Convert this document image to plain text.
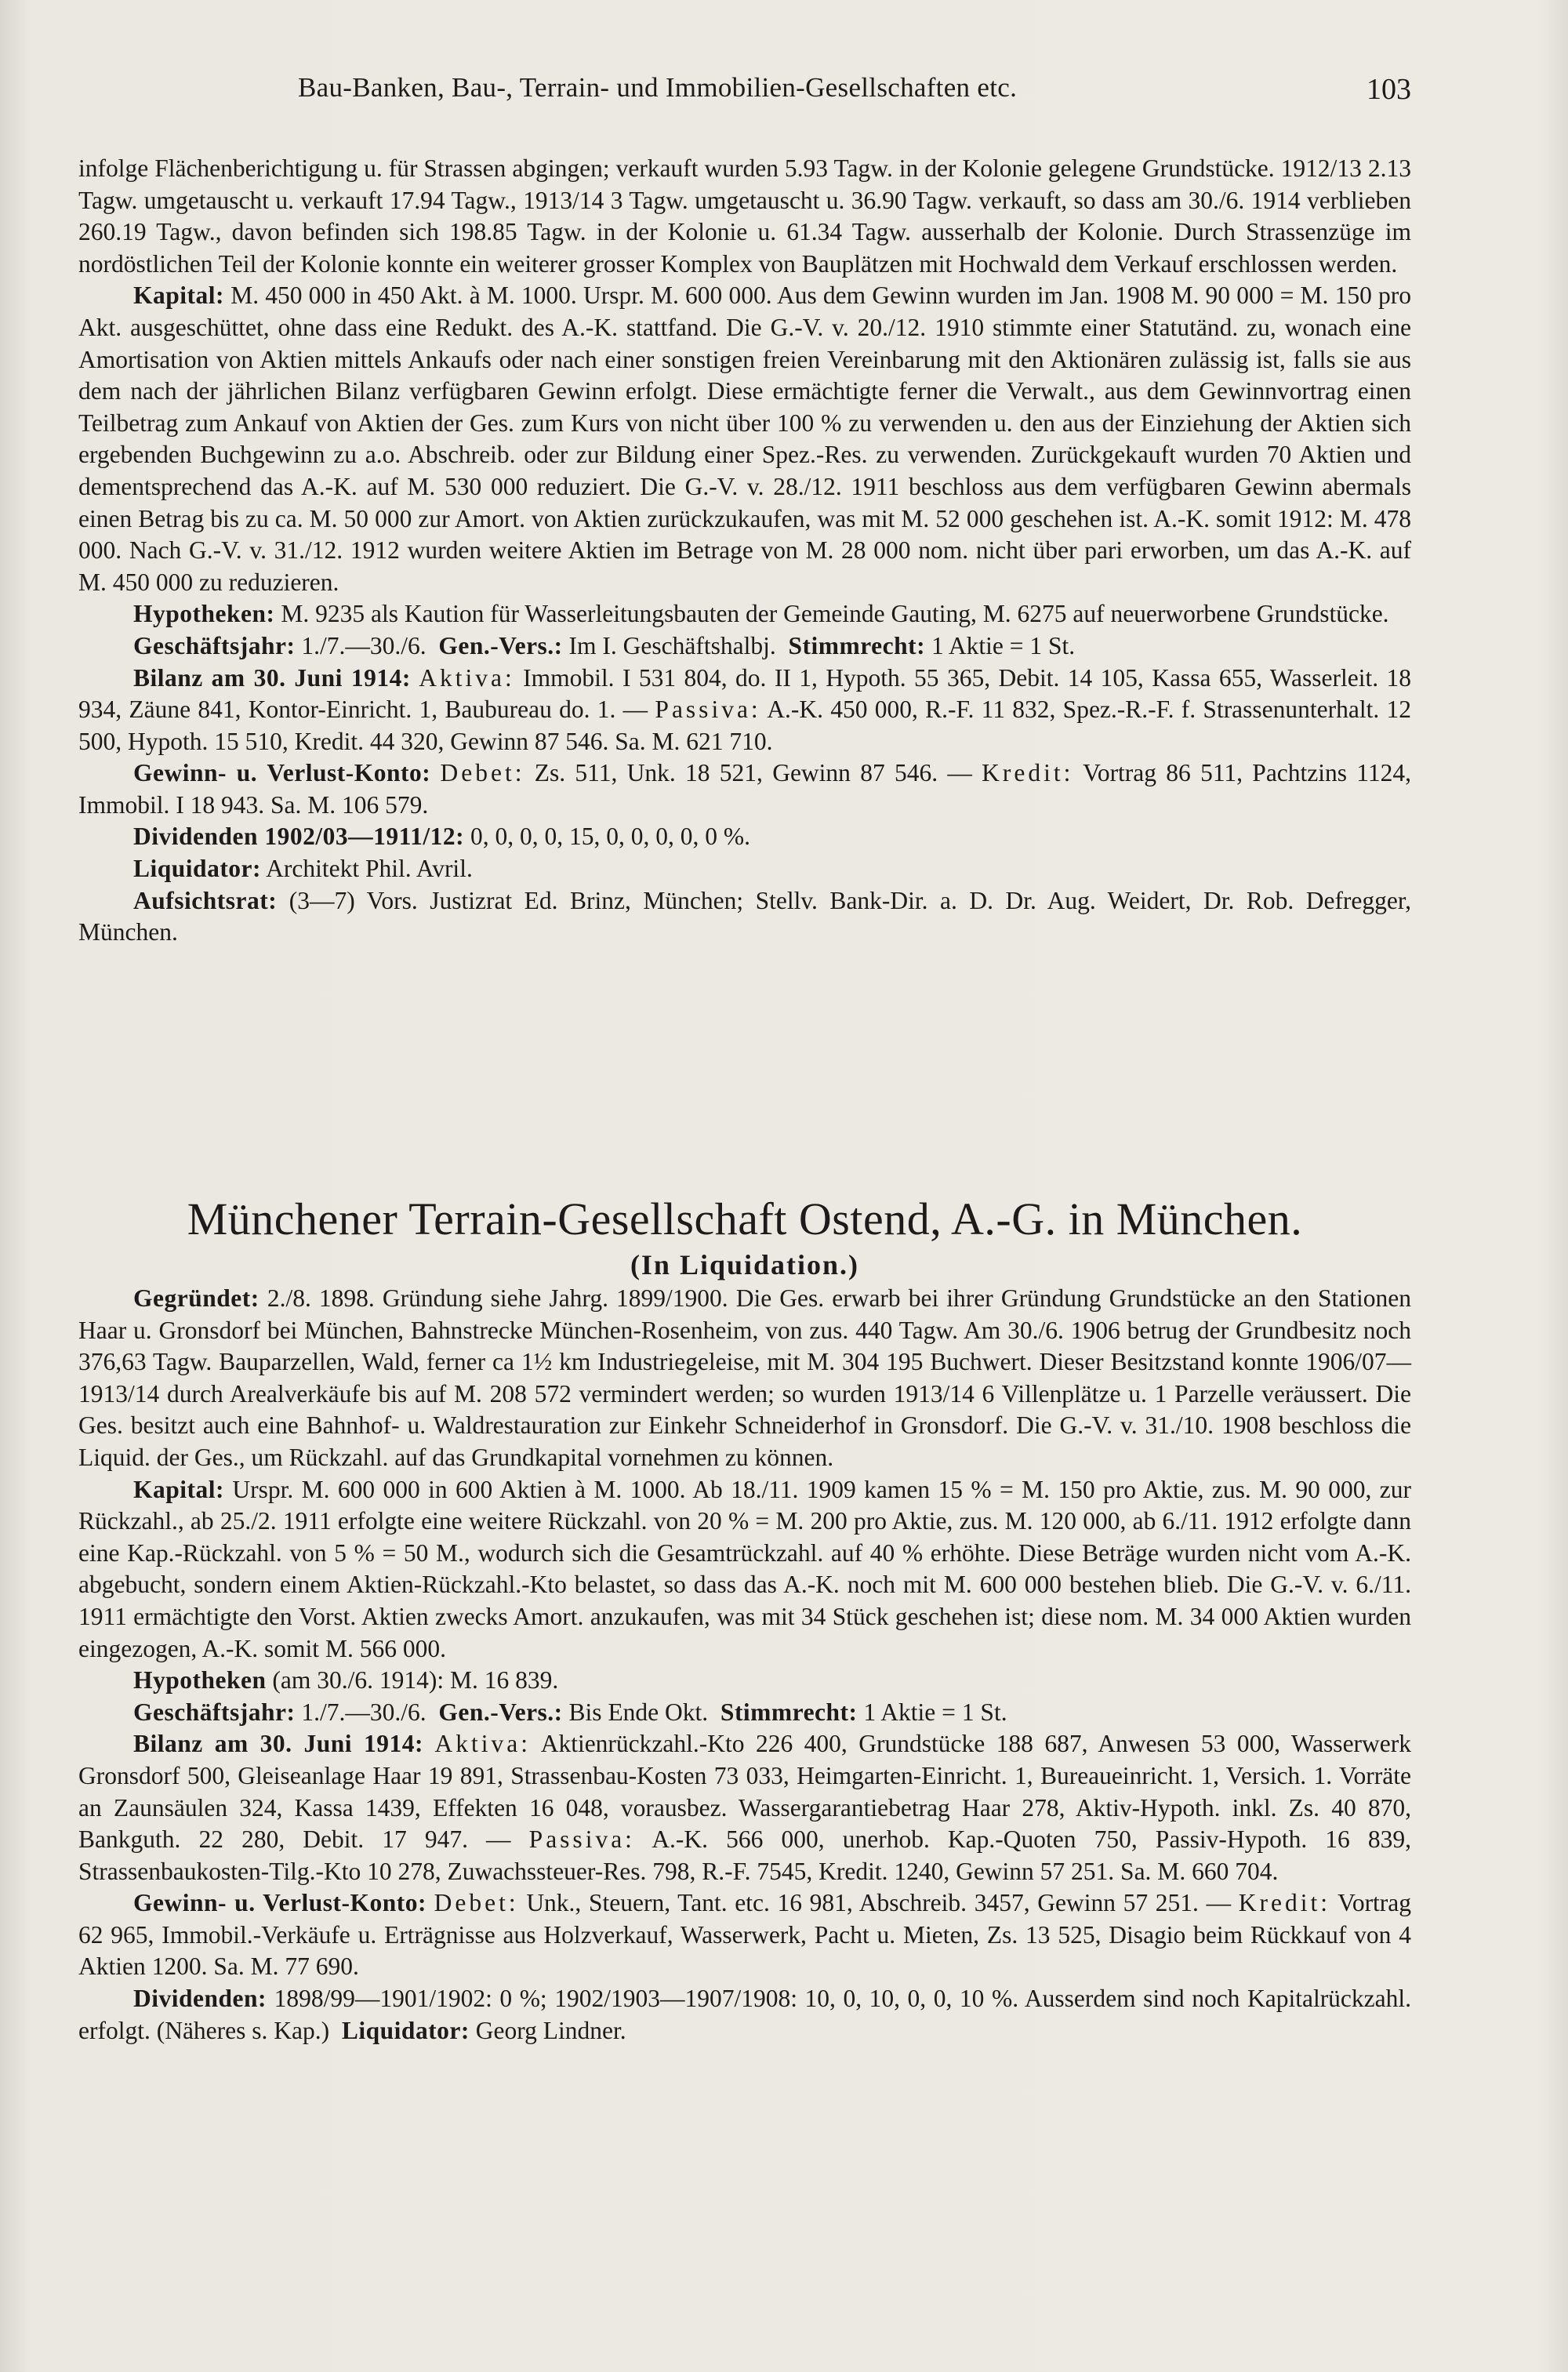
Bau-Banken, Bau-, Terrain- und Immobilien-Gesellschaften etc.	103

infolge Flächenberichtigung u. für Strassen abgingen; verkauft wurden 5.93 Tagw. in der Kolonie gelegene Grundstücke. 1912/13 2.13 Tagw. umgetauscht u. verkauft 17.94 Tagw., 1913/14 3 Tagw. umgetauscht u. 36.90 Tagw. verkauft, so dass am 30./6. 1914 verblieben 260.19 Tagw., davon befinden sich 198.85 Tagw. in der Kolonie u. 61.34 Tagw. ausserhalb der Kolonie. Durch Strassenzüge im nordöstlichen Teil der Kolonie konnte ein weiterer grosser Komplex von Bauplätzen mit Hochwald dem Verkauf erschlossen werden.

Kapital: M. 450 000 in 450 Akt. à M. 1000. Urspr. M. 600 000. Aus dem Gewinn wurden im Jan. 1908 M. 90 000 = M. 150 pro Akt. ausgeschüttet, ohne dass eine Redukt. des A.-K. stattfand. Die G.-V. v. 20./12. 1910 stimmte einer Statutänd. zu, wonach eine Amortisation von Aktien mittels Ankaufs oder nach einer sonstigen freien Vereinbarung mit den Aktionären zulässig ist, falls sie aus dem nach der jährlichen Bilanz verfügbaren Gewinn erfolgt. Diese ermächtigte ferner die Verwalt., aus dem Gewinnvortrag einen Teilbetrag zum Ankauf von Aktien der Ges. zum Kurs von nicht über 100 % zu verwenden u. den aus der Einziehung der Aktien sich ergebenden Buchgewinn zu a.o. Abschreib. oder zur Bildung einer Spez.-Res. zu verwenden. Zurückgekauft wurden 70 Aktien und dementsprechend das A.-K. auf M. 530 000 reduziert. Die G.-V. v. 28./12. 1911 beschloss aus dem verfügbaren Gewinn abermals einen Betrag bis zu ca. M. 50 000 zur Amort. von Aktien zurückzukaufen, was mit M. 52 000 geschehen ist. A.-K. somit 1912: M. 478 000. Nach G.-V. v. 31./12. 1912 wurden weitere Aktien im Betrage von M. 28 000 nom. nicht über pari erworben, um das A.-K. auf M. 450 000 zu reduzieren.

Hypotheken: M. 9235 als Kaution für Wasserleitungsbauten der Gemeinde Gauting, M. 6275 auf neuerworbene Grundstücke.

Geschäftsjahr: 1./7.—30./6. Gen.-Vers.: Im I. Geschäftshalbj. Stimmrecht: 1 Aktie = 1 St.

Bilanz am 30. Juni 1914: Aktiva: Immobil. I 531 804, do. II 1, Hypoth. 55 365, Debit. 14 105, Kassa 655, Wasserleit. 18 934, Zäune 841, Kontor-Einricht. 1, Baubureau do. 1. — Passiva: A.-K. 450 000, R.-F. 11 832, Spez.-R.-F. f. Strassenunterhalt. 12 500, Hypoth. 15 510, Kredit. 44 320, Gewinn 87 546. Sa. M. 621 710.

Gewinn- u. Verlust-Konto: Debet: Zs. 511, Unk. 18 521, Gewinn 87 546. — Kredit: Vortrag 86 511, Pachtzins 1124, Immobil. I 18 943. Sa. M. 106 579.

Dividenden 1902/03—1911/12: 0, 0, 0, 0, 15, 0, 0, 0, 0, 0 %.

Liquidator: Architekt Phil. Avril.

Aufsichtsrat: (3—7) Vors. Justizrat Ed. Brinz, München; Stellv. Bank-Dir. a. D. Dr. Aug. Weidert, Dr. Rob. Defregger, München.

Münchener Terrain-Gesellschaft Ostend, A.-G. in München.

(In Liquidation.)

Gegründet: 2./8. 1898. Gründung siehe Jahrg. 1899/1900. Die Ges. erwarb bei ihrer Gründung Grundstücke an den Stationen Haar u. Gronsdorf bei München, Bahnstrecke München-Rosenheim, von zus. 440 Tagw. Am 30./6. 1906 betrug der Grundbesitz noch 376,63 Tagw. Bauparzellen, Wald, ferner ca 1½ km Industriegeleise, mit M. 304 195 Buchwert. Dieser Besitzstand konnte 1906/07—1913/14 durch Arealverkäufe bis auf M. 208 572 vermindert werden; so wurden 1913/14 6 Villenplätze u. 1 Parzelle veräussert. Die Ges. besitzt auch eine Bahnhof- u. Waldrestauration zur Einkehr Schneiderhof in Gronsdorf. Die G.-V. v. 31./10. 1908 beschloss die Liquid. der Ges., um Rückzahl. auf das Grundkapital vornehmen zu können.

Kapital: Urspr. M. 600 000 in 600 Aktien à M. 1000. Ab 18./11. 1909 kamen 15 % = M. 150 pro Aktie, zus. M. 90 000, zur Rückzahl., ab 25./2. 1911 erfolgte eine weitere Rückzahl. von 20 % = M. 200 pro Aktie, zus. M. 120 000, ab 6./11. 1912 erfolgte dann eine Kap.-Rückzahl. von 5 % = 50 M., wodurch sich die Gesamtrückzahl. auf 40 % erhöhte. Diese Beträge wurden nicht vom A.-K. abgebucht, sondern einem Aktien-Rückzahl.-Kto belastet, so dass das A.-K. noch mit M. 600 000 bestehen blieb. Die G.-V. v. 6./11. 1911 ermächtigte den Vorst. Aktien zwecks Amort. anzukaufen, was mit 34 Stück geschehen ist; diese nom. M. 34 000 Aktien wurden eingezogen, A.-K. somit M. 566 000.

Hypotheken (am 30./6. 1914): M. 16 839.

Geschäftsjahr: 1./7.—30./6. Gen.-Vers.: Bis Ende Okt. Stimmrecht: 1 Aktie = 1 St.

Bilanz am 30. Juni 1914: Aktiva: Aktienrückzahl.-Kto 226 400, Grundstücke 188 687, Anwesen 53 000, Wasserwerk Gronsdorf 500, Gleiseanlage Haar 19 891, Strassenbau-Kosten 73 033, Heimgarten-Einricht. 1, Bureaueinricht. 1, Versich. 1. Vorräte an Zaunsäulen 324, Kassa 1439, Effekten 16 048, vorausbez. Wassergarantiebetrag Haar 278, Aktiv-Hypoth. inkl. Zs. 40 870, Bankguth. 22 280, Debit. 17 947. — Passiva: A.-K. 566 000, unerhob. Kap.-Quoten 750, Passiv-Hypoth. 16 839, Strassenbaukosten-Tilg.-Kto 10 278, Zuwachssteuer-Res. 798, R.-F. 7545, Kredit. 1240, Gewinn 57 251. Sa. M. 660 704.

Gewinn- u. Verlust-Konto: Debet: Unk., Steuern, Tant. etc. 16 981, Abschreib. 3457, Gewinn 57 251. — Kredit: Vortrag 62 965, Immobil.-Verkäufe u. Erträgnisse aus Holzverkauf, Wasserwerk, Pacht u. Mieten, Zs. 13 525, Disagio beim Rückkauf von 4 Aktien 1200. Sa. M. 77 690.

Dividenden: 1898/99—1901/1902: 0 %; 1902/1903—1907/1908: 10, 0, 10, 0, 0, 10 %. Ausserdem sind noch Kapitalrückzahl. erfolgt. (Näheres s. Kap.) Liquidator: Georg Lindner.
